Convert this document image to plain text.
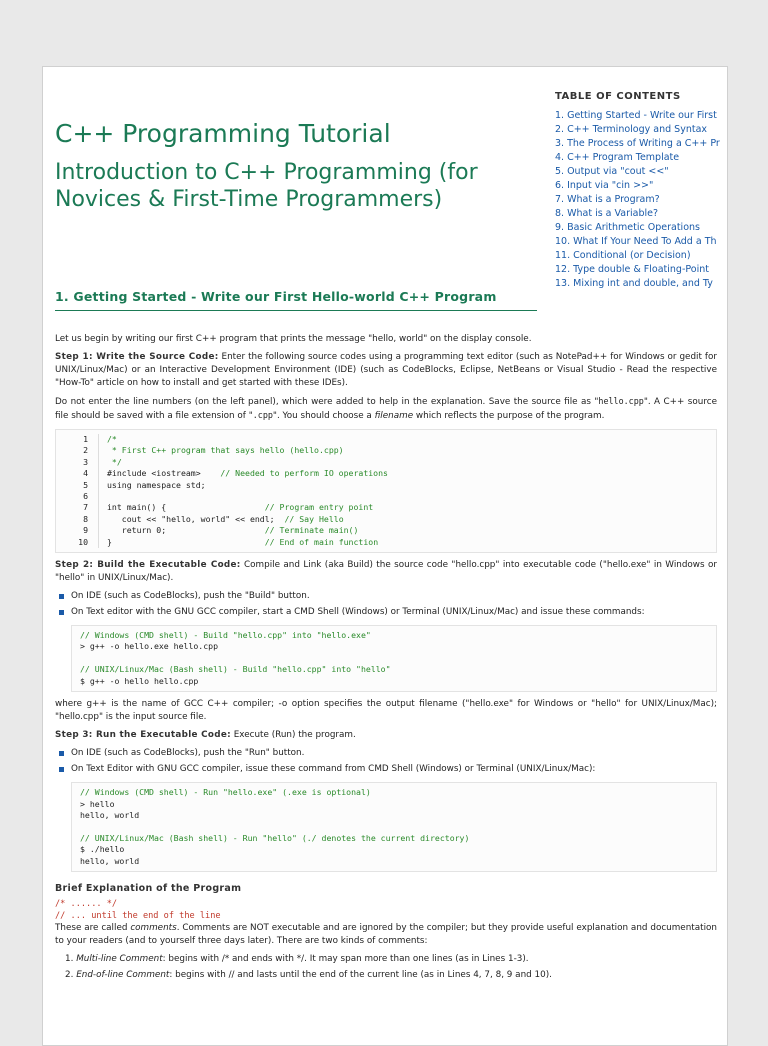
TABLE OF CONTENTS
1. Getting Started - Write our First
2. C++ Terminology and Syntax
3. The Process of Writing a C++ Pr
4. C++ Program Template
5. Output via "cout <<"
6. Input via "cin >>"
7. What is a Program?
8. What is a Variable?
9. Basic Arithmetic Operations
10. What If Your Need To Add a Th
11. Conditional (or Decision)
12. Type double & Floating-Point
13. Mixing int and double, and Ty
C++ Programming Tutorial
Introduction to C++ Programming (for Novices & First-Time Programmers)
1. Getting Started - Write our First Hello-world C++ Program

Let us begin by writing our first C++ program that prints the message "hello, world" on the display console.

Step 1: Write the Source Code: Enter the following source codes using a programming text editor (such as NotePad++ for Windows or gedit for UNIX/Linux/Mac) or an Interactive Development Environment (IDE) (such as CodeBlocks, Eclipse, NetBeans or Visual Studio - Read the respective "How-To" article on how to install and get started with these IDEs).

Do not enter the line numbers (on the left panel), which were added to help in the explanation. Save the source file as "hello.cpp". A C++ source file should be saved with a file extension of ".cpp". You should choose a filename which reflects the purpose of the program.

1
2
3
4
5
6
7
8
9
10
/*
* First C++ program that says hello (hello.cpp)
*/
#include <iostream>    // Needed to perform IO operations
using namespace std;

int main() {                    // Program entry point
cout << "hello, world" << endl;  // Say Hello
return 0;                    // Terminate main()
}                               // End of main function

Step 2: Build the Executable Code: Compile and Link (aka Build) the source code "hello.cpp" into executable code ("hello.exe" in Windows or "hello" in UNIX/Linux/Mac).

On IDE (such as CodeBlocks), push the "Build" button.
On Text editor with the GNU GCC compiler, start a CMD Shell (Windows) or Terminal (UNIX/Linux/Mac) and issue these commands:
// Windows (CMD shell) - Build "hello.cpp" into "hello.exe"
> g++ -o hello.exe hello.cpp

// UNIX/Linux/Mac (Bash shell) - Build "hello.cpp" into "hello"
$ g++ -o hello hello.cpp

where g++ is the name of GCC C++ compiler; -o option specifies the output filename ("hello.exe" for Windows or "hello" for UNIX/Linux/Mac); "hello.cpp" is the input source file.

Step 3: Run the Executable Code: Execute (Run) the program.

On IDE (such as CodeBlocks), push the "Run" button.
On Text Editor with GNU GCC compiler, issue these command from CMD Shell (Windows) or Terminal (UNIX/Linux/Mac):
// Windows (CMD shell) - Run "hello.exe" (.exe is optional)
> hello
hello, world

// UNIX/Linux/Mac (Bash shell) - Run "hello" (./ denotes the current directory)
$ ./hello
hello, world
Brief Explanation of the Program
/* ...... */
// ... until the end of the line

These are called comments. Comments are NOT executable and are ignored by the compiler; but they provide useful explanation and documentation to your readers (and to yourself three days later). There are two kinds of comments:

1. Multi-line Comment: begins with /* and ends with */. It may span more than one lines (as in Lines 1-3).
2. End-of-line Comment: begins with // and lasts until the end of the current line (as in Lines 4, 7, 8, 9 and 10).
